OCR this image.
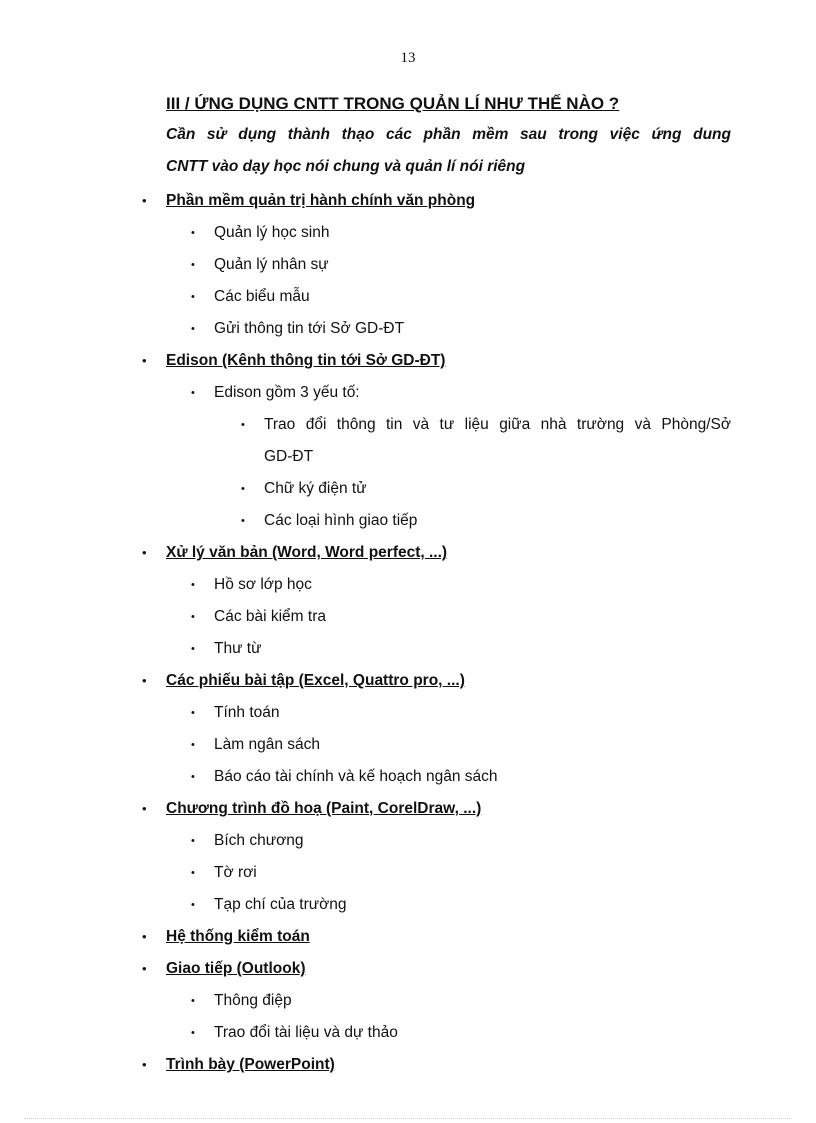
13
III / ỨNG DỤNG CNTT TRONG QUẢN LÍ NHƯ THẾ NÀO ?
Cần sử dụng thành thạo các phần mềm sau trong việc ứng dung
CNTT vào dạy học nói chung và quản lí nói riêng
• Phần mềm quản trị hành chính văn phòng
• Quản lý học sinh
• Quản lý nhân sự
• Các biểu mẫu
• Gửi thông tin tới Sở GD-ĐT
• Edison (Kênh thông tin tới Sở GD-ĐT)
• Edison gồm 3 yếu tố:
• Trao đổi thông tin và tư liệu giữa nhà trường và Phòng/Sở
GD-ĐT
• Chữ ký điện tử
• Các loại hình giao tiếp
• Xử lý văn bản (Word, Word perfect, ...)
• Hồ sơ lớp học
• Các bài kiểm tra
• Thư từ
• Các phiếu bài tập (Excel, Quattro pro, ...)
• Tính toán
• Làm ngân sách
• Báo cáo tài chính và kế hoạch ngân sách
• Chương trình đồ hoạ (Paint, CorelDraw, ...)
• Bích chương
• Tờ rơi
• Tạp chí của trường
• Hệ thống kiểm toán
• Giao tiếp (Outlook)
• Thông điệp
• Trao đổi tài liệu và dự thảo
• Trình bày (PowerPoint)
